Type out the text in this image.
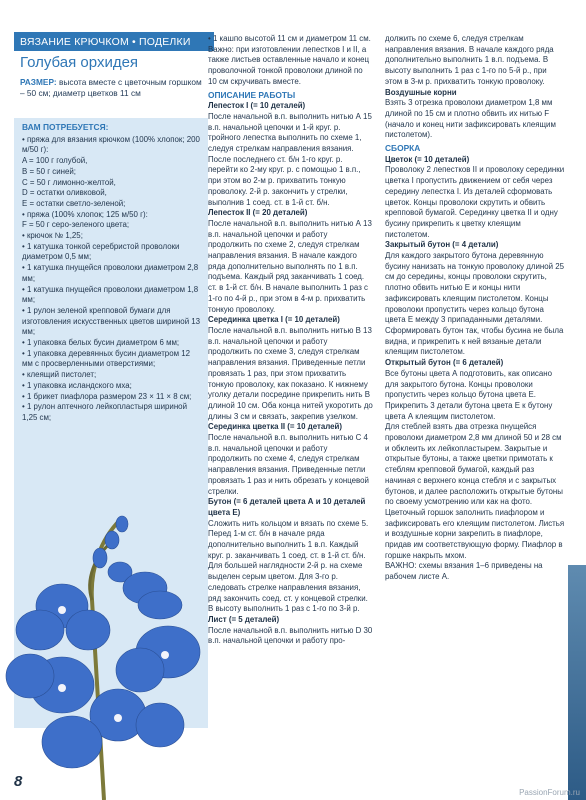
ВЯЗАНИЕ КРЮЧКОМ • ПОДЕЛКИ
Голубая орхидея

РАЗМЕР: высота вместе с цветочным горшком – 50 см; диаметр цветков 11 см

ВАМ ПОТРЕБУЕТСЯ:

• пряжа для вязания крючком (100% хлопок; 200 м/50 г):

A = 100 г голубой,

B = 50 г синей;

C = 50 г лимонно-желтой,

D = остатки оливковой,

E = остатки светло-зеленой;

• пряжа (100% хлопок; 125 м/50 г):

F = 50 г серо-зеленого цвета;

• крючок № 1,25;

• 1 катушка тонкой серебристой проволоки диаметром 0,5 мм;

• 1 катушка пнущейся проволоки диаметром 2,8 мм;

• 1 катушка пнущейся проволоки диаметром 1,8 мм;

• 1 рулон зеленой крепповой бумаги для изготовления искусственных цветов шириной 13 мм;

• 1 упаковка белых бусин диаметром 6 мм;

• 1 упаковка деревянных бусин диаметром 12 мм с просверленными отверстиями;

• клеящий пистолет;

• 1 упаковка исландского мха;

• 1 брикет пиафлора размером 23 × 11 × 8 см;

• 1 рулон аптечного лейкопластыря шириной 1,25 см;

• 1 кашпо высотой 11 см и диаметром 11 см.

Важно: при изготовлении лепестков I и II, а также листьев оставленные начало и конец проволочной тонкой проволоки длиной по 10 см скручивать вместе.

ОПИСАНИЕ РАБОТЫ

Лепесток I (= 10 деталей)

После начальной в.п. выполнить нитью А 15 в.п. начальной цепочки и 1-й круг. р. тройного лепестка выполнить по схеме 1, следуя стрелкам направления вязания. После последнего ст. б/н 1-го круг. р. перейти ко 2-му круг. р. с помощью 1 в.п., при этом во 2-м р. прихватить тонкую проволоку. 2-й р. закончить у стрелки, выполнив 1 соед. ст. в 1-й ст. б/н.

Лепесток II (= 20 деталей)

После начальной в.п. выполнить нитью А 13 в.п. начальной цепочки и работу продолжить по схеме 2, следуя стрелкам направления вязания. В начале каждого ряда дополнительно выполнять по 1 в.п. подъема. Каждый ряд заканчивать 1 соед. ст. в 1-й ст. б/н. В начале выполнить 1 раз с 1-го по 4-й р., при этом в 4-м р. прихватить тонкую проволоку.

Серединка цветка I (= 10 деталей)

После начальной в.п. выполнить нитью B 13 в.п. начальной цепочки и работу продолжить по схеме 3, следуя стрелкам направления вязания. Приведенные петли провязать 1 раз, при этом прихватить тонкую проволоку, как показано. К нижнему уголку детали посредине прикрепить нить B длиной 10 см. Оба конца нитей укоротить до длины 3 см и связать, закрепив узелком.

Серединка цветка II (= 10 деталей)

После начальной в.п. выполнить нитью C 4 в.п. начальной цепочки и работу продолжить по схеме 4, следуя стрелкам направления вязания. Приведенные петли провязать 1 раз и нить обрезать у концевой стрелки.

Бутон (= 6 деталей цвета А и 10 деталей цвета Е)

Сложить нить кольцом и вязать по схеме 5. Перед 1-м ст. б/н в начале ряда дополнительно выполнить 1 в.п. Каждый круг. р. заканчивать 1 соед. ст. в 1-й ст. б/н. Для большей наглядности 2-й р. на схеме выделен серым цветом. Для 3-го р. следовать стрелке направления вязания, ряд закончить соед. ст. у концевой стрелки. В высоту выполнить 1 раз с 1-го по 3-й р.

Лист (= 5 деталей)

После начальной в.п. выполнить нитью D 30 в.п. начальной цепочки и работу про-

должить по схеме 6, следуя стрелкам направления вязания. В начале каждого ряда дополнительно выполнить 1 в.п. подъема. В высоту выполнить 1 раз с 1-го по 5-й р., при этом в 3-м р. прихватить тонкую проволоку.

Воздушные корни

Взять 3 отрезка проволоки диаметром 1,8 мм длиной по 15 см и плотно обвить их нитью F (начало и конец нити зафиксировать клеящим пистолетом).

СБОРКА

Цветок (= 10 деталей)

Проволоку 2 лепестков II и проволоку серединки цветка I пропустить движением от себя через середину лепестка I. Из деталей сформовать цветок. Концы проволоки скрутить и обвить крепповой бумагой. Серединку цветка II и одну бусину прикрепить к цветку клеящим пистолетом.

Закрытый бутон (= 4 детали)

Для каждого закрытого бутона деревянную бусину нанизать на тонкую проволоку длиной 25 см до середины, концы проволоки скрутить, плотно обвить нитью E и концы нити зафиксировать клеящим пистолетом. Концы проволоки пропустить через кольцо бутона цвета E между 3 припаданными деталями. Сформировать бутон так, чтобы бусина не была видна, и прикрепить к ней вязаные детали клеящим пистолетом.

Открытый бутон (= 6 деталей)

Все бутоны цвета А подготовить, как описано для закрытого бутона. Концы проволоки пропустить через кольцо бутона цвета E. Прикрепить 3 детали бутона цвета E к бутону цвета А клеящим пистолетом.

Для стеблей взять два отрезка пнущейся проволоки диаметром 2,8 мм длиной 50 и 28 см и обклеить их лейкопластырем. Закрытые и открытые бутоны, а также цветки примотать к стеблям крепповой бумагой, каждый раз начиная с верхнего конца стебля и с закрытых бутонов, и далее расположить открытые бутоны по своему усмотрению или как на фото. Цветочный горшок заполнить пиафлором и зафиксировать его клеящим пистолетом. Листья и воздушные корни закрепить в пиафлоре, придав им соответствующую форму. Пиафлор в горшке накрыть мхом.

ВАЖНО: схемы вязания 1–6 приведены на рабочем листе А.

8
PassionForum.ru
